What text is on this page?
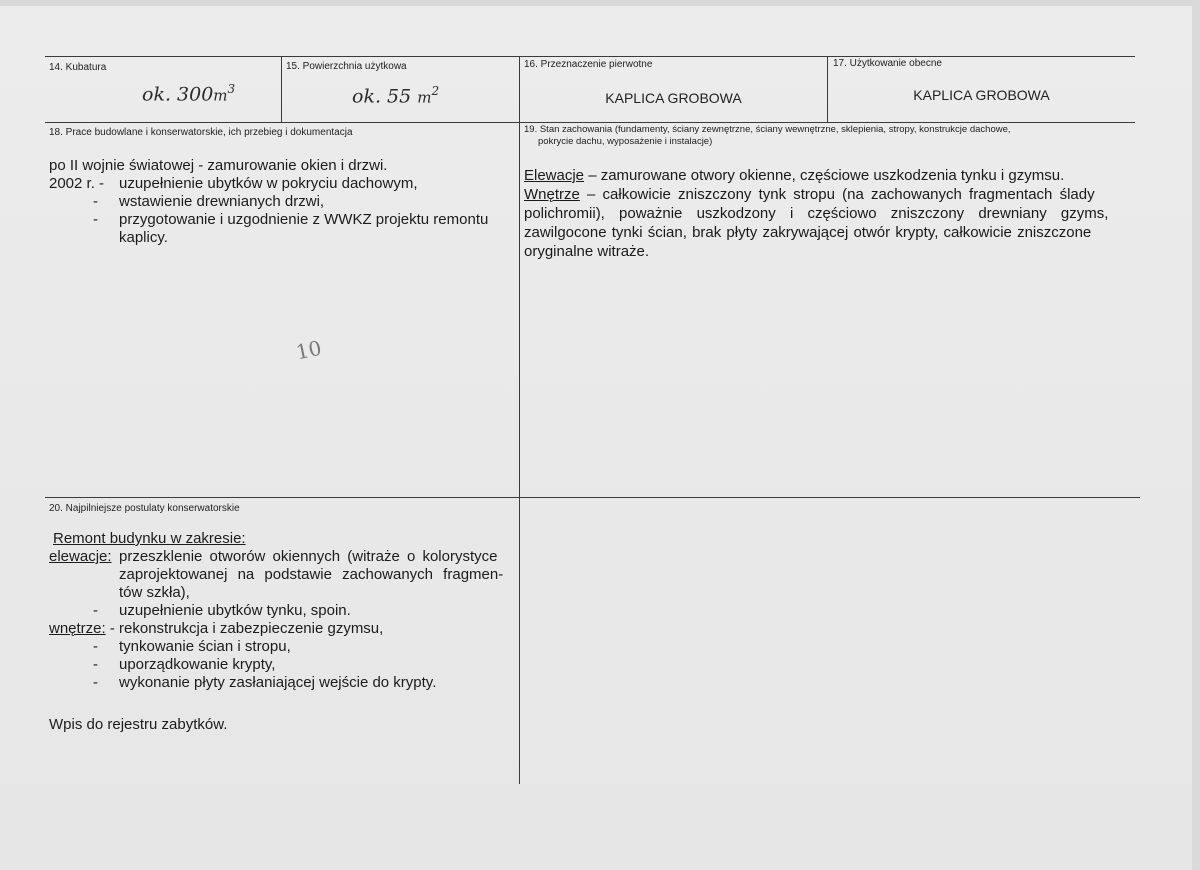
14. Kubatura
ok. $300m^3$
15. Powierzchnia użytkowa
ok. 55 $m^2$
16. Przeznaczenie pierwotne
KAPLICA GROBOWA
17. Użytkowanie obecne
KAPLICA GROBOWA
18. Prace budowlane i konserwatorskie, ich przebieg i dokumentacja
po II wojnie światowej - zamurowanie okien i drzwi.
2002 r. - uzupełnienie ubytków w pokryciu dachowym,
- wstawienie drewnianych drzwi,
- przygotowanie i uzgodnienie z WWKZ projektu remontu
kaplicy.
10
19. Stan zachowania (fundamenty, ściany zewnętrzne, ściany wewnętrzne, sklepienia, stropy, konstrukcje dachowe,
pokrycie dachu, wyposażenie i instalacje)
Elewacje – zamurowane otwory okienne, częściowe uszkodzenia tynku i gzymsu.
Wnętrze – całkowicie zniszczony tynk stropu (na zachowanych fragmentach ślady
polichromii), poważnie uszkodzony i częściowo zniszczony drewniany gzyms,
zawilgocone tynki ścian, brak płyty zakrywającej otwór krypty, całkowicie zniszczone
oryginalne witraże.
20. Najpilniejsze postulaty konserwatorskie
Remont budynku w zakresie:
elewacje: przeszklenie otworów okiennych (witraże o kolorystyce
zaprojektowanej na podstawie zachowanych fragmen-
tów szkła),
- uzupełnienie ubytków tynku, spoin.
wnętrze: - rekonstrukcja i zabezpieczenie gzymsu,
- tynkowanie ścian i stropu,
- uporządkowanie krypty,
- wykonanie płyty zasłaniającej wejście do krypty.
Wpis do rejestru zabytków.
